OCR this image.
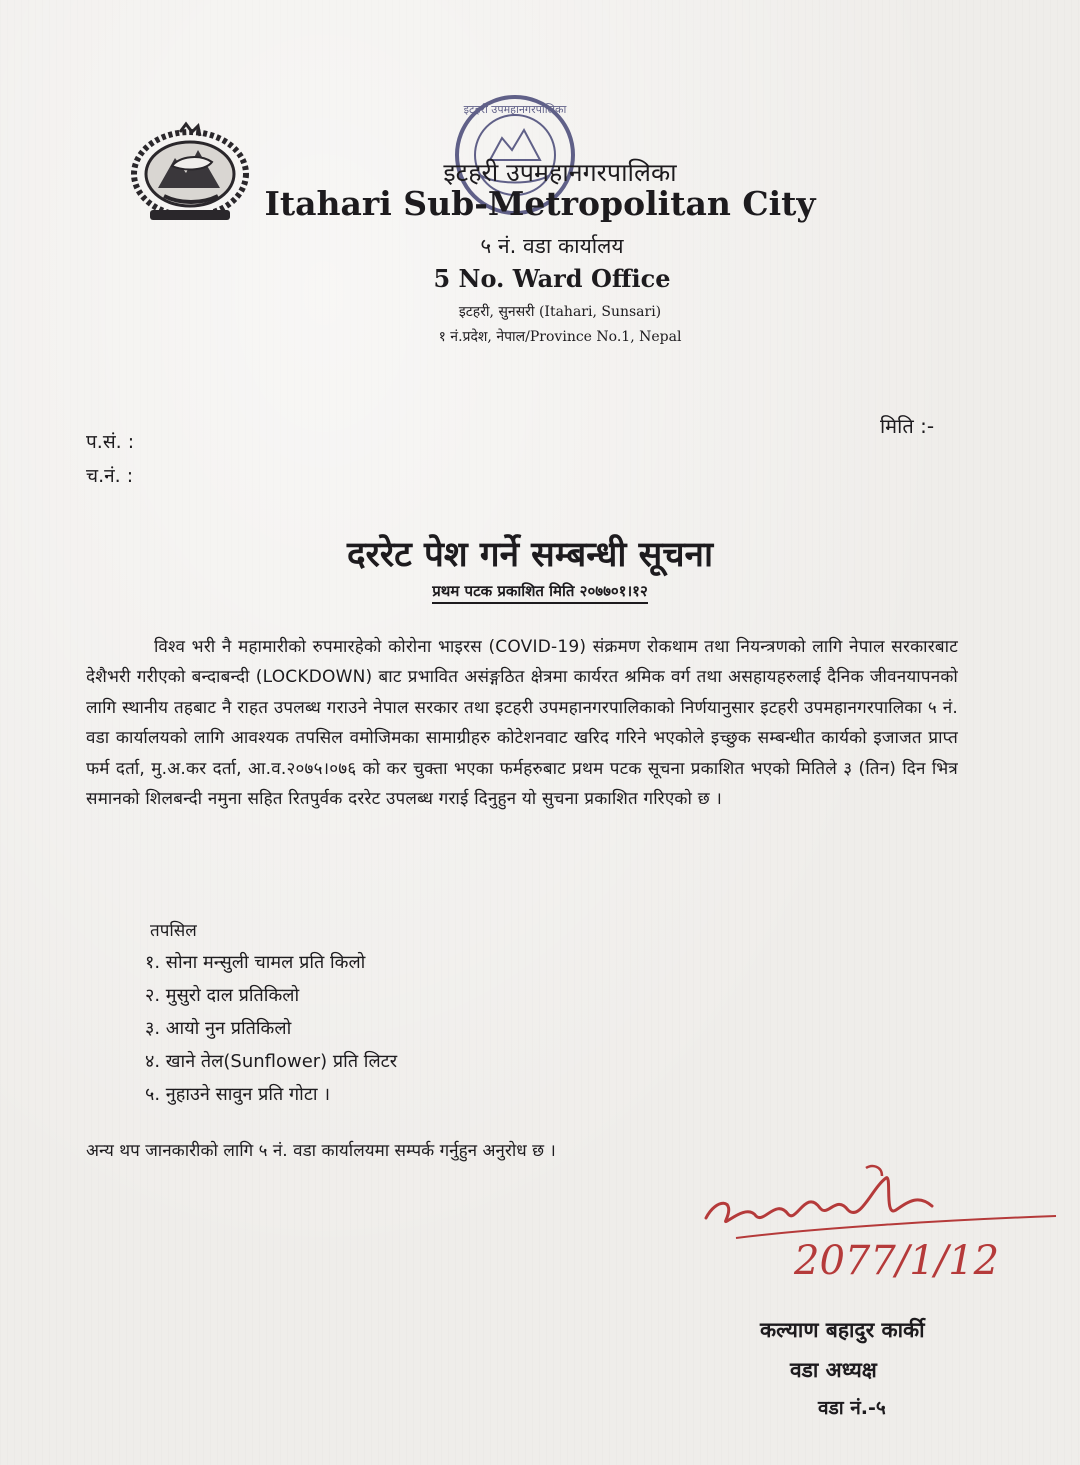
इटहरी उपमहानगरपालिका
इटहरी उपमहानगरपालिका
Itahari Sub-Metropolitan City
५ नं. वडा कार्यालय
5 No. Ward Office
इटहरी, सुनसरी (Itahari, Sunsari)
१ नं.प्रदेश, नेपाल/Province No.1, Nepal
मिति :-
प.सं. :
च.नं. :
दररेट पेश गर्ने सम्बन्धी सूचना
प्रथम पटक प्रकाशित मिति २०७७०१।१२
विश्व भरी नै महामारीको रुपमारहेको कोरोना भाइरस (COVID-19) संक्रमण रोकथाम तथा नियन्त्रणको लागि नेपाल सरकारबाट देशैभरी गरीएको बन्दाबन्दी (LOCKDOWN) बाट प्रभावित असंङ्गठित क्षेत्रमा कार्यरत श्रमिक वर्ग तथा असहायहरुलाई दैनिक जीवनयापनको लागि स्थानीय तहबाट नै राहत उपलब्ध गराउने नेपाल सरकार तथा इटहरी उपमहानगरपालिकाको निर्णयानुसार इटहरी उपमहानगरपालिका ५ नं. वडा कार्यालयको लागि आवश्यक तपसिल वमोजिमका सामाग्रीहरु कोटेशनवाट खरिद गरिने भएकोले इच्छुक सम्बन्धीत कार्यको इजाजत प्राप्त फर्म दर्ता, मु.अ.कर दर्ता, आ.व.२०७५।०७६ को कर चुक्ता भएका फर्महरुबाट प्रथम पटक सूचना प्रकाशित भएको मितिले ३ (तिन) दिन भित्र समानको शिलबन्दी नमुना सहित रितपुर्वक दररेट उपलब्ध गराई दिनुहुन यो सुचना प्रकाशित गरिएको छ ।
तपसिल
१. सोना मन्सुली चामल प्रति किलो
२. मुसुरो दाल प्रतिकिलो
३. आयो नुन प्रतिकिलो
४. खाने तेल(Sunflower) प्रति लिटर
५. नुहाउने सावुन प्रति गोटा ।
अन्य थप जानकारीको लागि ५ नं. वडा कार्यालयमा सम्पर्क गर्नुहुन अनुरोध छ ।
2077/1/12
कल्याण बहादुर कार्की
वडा अध्यक्ष
वडा नं.-५
